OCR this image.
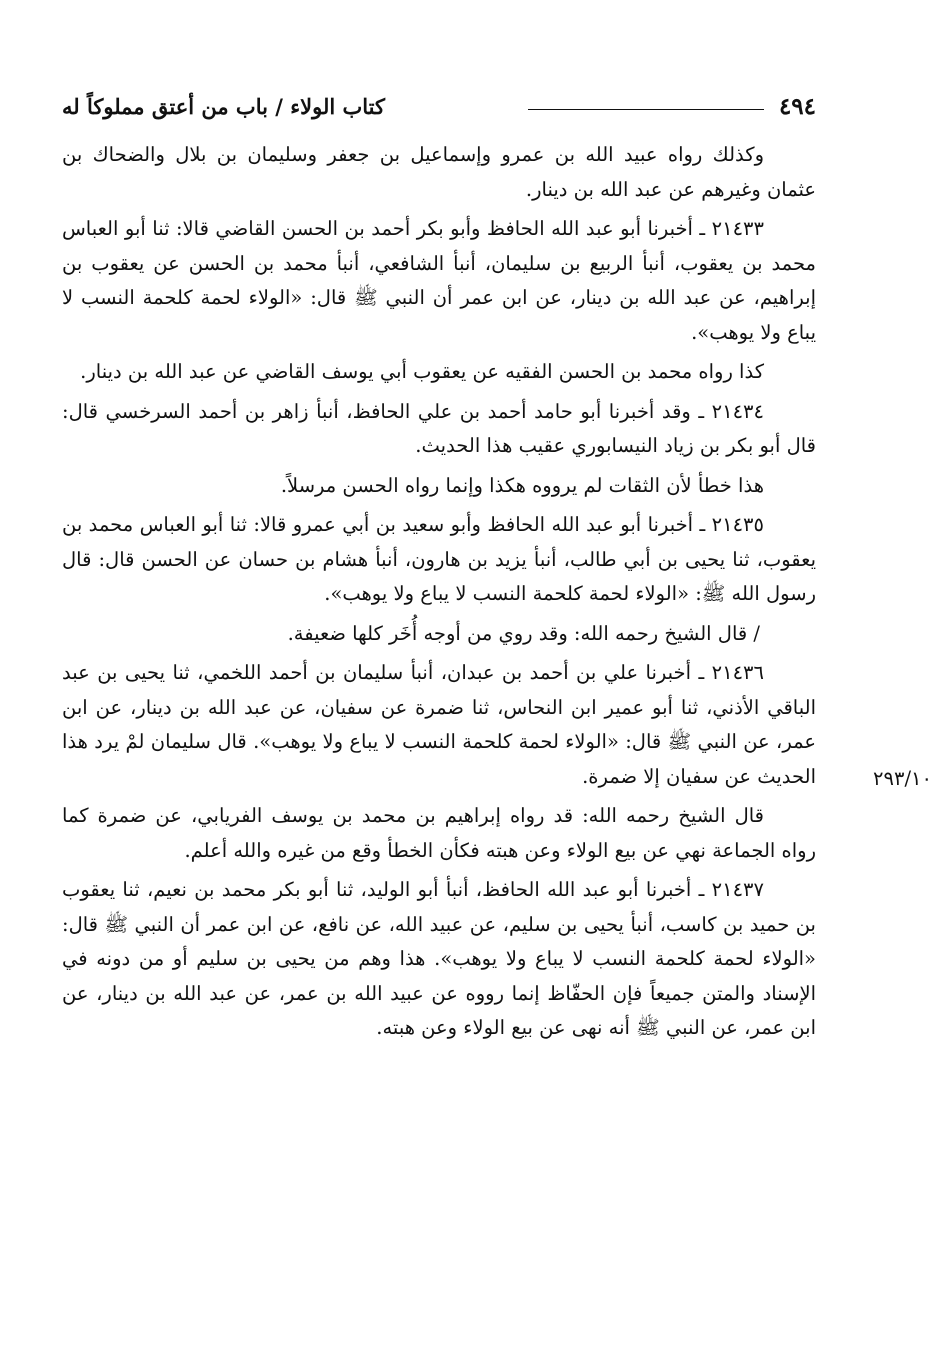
٤٩٤
كتاب الولاء / باب من أعتق مملوكاً له
٢٩٣/١٠

وكذلك رواه عبيد الله بن عمرو وإسماعيل بن جعفر وسليمان بن بلال والضحاك بن عثمان وغيرهم عن عبد الله بن دينار.

٢١٤٣٣ ـ أخبرنا أبو عبد الله الحافظ وأبو بكر أحمد بن الحسن القاضي قالا: ثنا أبو العباس محمد بن يعقوب، أنبأ الربيع بن سليمان، أنبأ الشافعي، أنبأ محمد بن الحسن عن يعقوب بن إبراهيم، عن عبد الله بن دينار، عن ابن عمر أن النبي ﷺ قال: «الولاء لحمة كلحمة النسب لا يباع ولا يوهب».

كذا رواه محمد بن الحسن الفقيه عن يعقوب أبي يوسف القاضي عن عبد الله بن دينار.

٢١٤٣٤ ـ وقد أخبرنا أبو حامد أحمد بن علي الحافظ، أنبأ زاهر بن أحمد السرخسي قال: قال أبو بكر بن زياد النيسابوري عقيب هذا الحديث.

هذا خطأ لأن الثقات لم يرووه هكذا وإنما رواه الحسن مرسلاً.

٢١٤٣٥ ـ أخبرنا أبو عبد الله الحافظ وأبو سعيد بن أبي عمرو قالا: ثنا أبو العباس محمد بن يعقوب، ثنا يحيى بن أبي طالب، أنبأ يزيد بن هارون، أنبأ هشام بن حسان عن الحسن قال: قال رسول الله ﷺ: «الولاء لحمة كلحمة النسب لا يباع ولا يوهب».

/ قال الشيخ رحمه الله: وقد روي من أوجه أُخَر كلها ضعيفة.

٢١٤٣٦ ـ أخبرنا علي بن أحمد بن عبدان، أنبأ سليمان بن أحمد اللخمي، ثنا يحيى بن عبد الباقي الأذني، ثنا أبو عمير ابن النحاس، ثنا ضمرة عن سفيان، عن عبد الله بن دينار، عن ابن عمر، عن النبي ﷺ قال: «الولاء لحمة كلحمة النسب لا يباع ولا يوهب». قال سليمان لمْ يرد هذا الحديث عن سفيان إلا ضمرة.

قال الشيخ رحمه الله: قد رواه إبراهيم بن محمد بن يوسف الفريابي، عن ضمرة كما رواه الجماعة نهي عن بيع الولاء وعن هبته فكأن الخطأ وقع من غيره والله أعلم.

٢١٤٣٧ ـ أخبرنا أبو عبد الله الحافظ، أنبأ أبو الوليد، ثنا أبو بكر محمد بن نعيم، ثنا يعقوب بن حميد بن كاسب، أنبأ يحيى بن سليم، عن عبيد الله، عن نافع، عن ابن عمر أن النبي ﷺ قال: «الولاء لحمة كلحمة النسب لا يباع ولا يوهب». هذا وهم من يحيى بن سليم أو من دونه في الإسناد والمتن جميعاً فإن الحفّاظ إنما رووه عن عبيد الله بن عمر، عن عبد الله بن دينار، عن ابن عمر، عن النبي ﷺ أنه نهى عن بيع الولاء وعن هبته.
